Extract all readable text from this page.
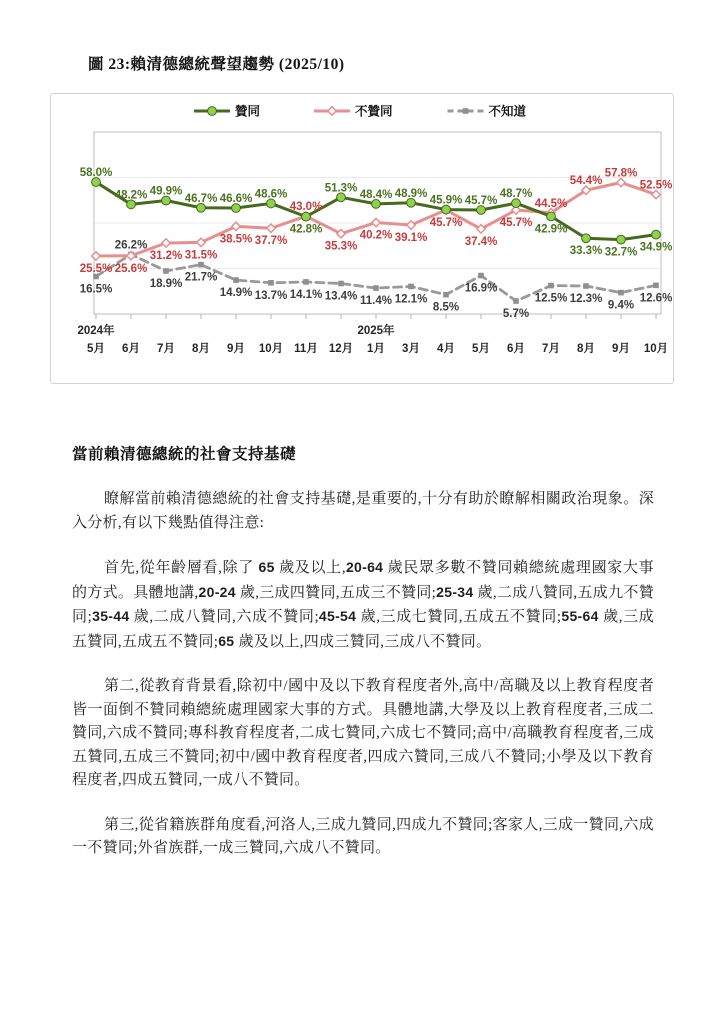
圖 23:賴清德總統聲望趨勢 (2025/10)
16.5%
26.2%
18.9%
21.7%
14.9% 13.7% 14.1% 13.4% 11.4% 12.1%
8.5%
16.9%
5.7%
12.5% 12.3%
9.4%
12.6%
25.5% 25.6%
31.2% 31.5%
38.5% 37.7%
43.0%
35.3%
40.2% 39.1%
45.7%
37.4%
45.7%
44.5%
54.4%
57.8%
52.5%
58.0%
48.2% 49.9%
46.7% 46.6% 48.6%
42.8%
51.3%
48.4% 48.9%
45.9% 45.7%
48.7%
42.9%
33.3% 32.7% 34.9%
5月 6月 7月 8月 9月 10月 11月 12月 1月 3月 4月 5月 6月 7月 8月 9月 10月
2024年	2025年
贊同	不贊同	不知道
當前賴清德總統的社會支持基礎

瞭解當前賴清德總統的社會支持基礎,是重要的,十分有助於瞭解相關政治現象。深入分析,有以下幾點值得注意:

首先,從年齡層看,除了 65 歲及以上,20-64 歲民眾多數不贊同賴總統處理國家大事的方式。具體地講,20-24 歲,三成四贊同,五成三不贊同;25-34 歲,二成八贊同,五成九不贊同;35-44 歲,二成八贊同,六成不贊同;45-54 歲,三成七贊同,五成五不贊同;55-64 歲,三成五贊同,五成五不贊同;65 歲及以上,四成三贊同,三成八不贊同。

第二,從教育背景看,除初中/國中及以下教育程度者外,高中/高職及以上教育程度者皆一面倒不贊同賴總統處理國家大事的方式。具體地講,大學及以上教育程度者,三成二贊同,六成不贊同;專科教育程度者,二成七贊同,六成七不贊同;高中/高職教育程度者,三成五贊同,五成三不贊同;初中/國中教育程度者,四成六贊同,三成八不贊同;小學及以下教育程度者,四成五贊同,一成八不贊同。

第三,從省籍族群角度看,河洛人,三成九贊同,四成九不贊同;客家人,三成一贊同,六成一不贊同;外省族群,一成三贊同,六成八不贊同。
